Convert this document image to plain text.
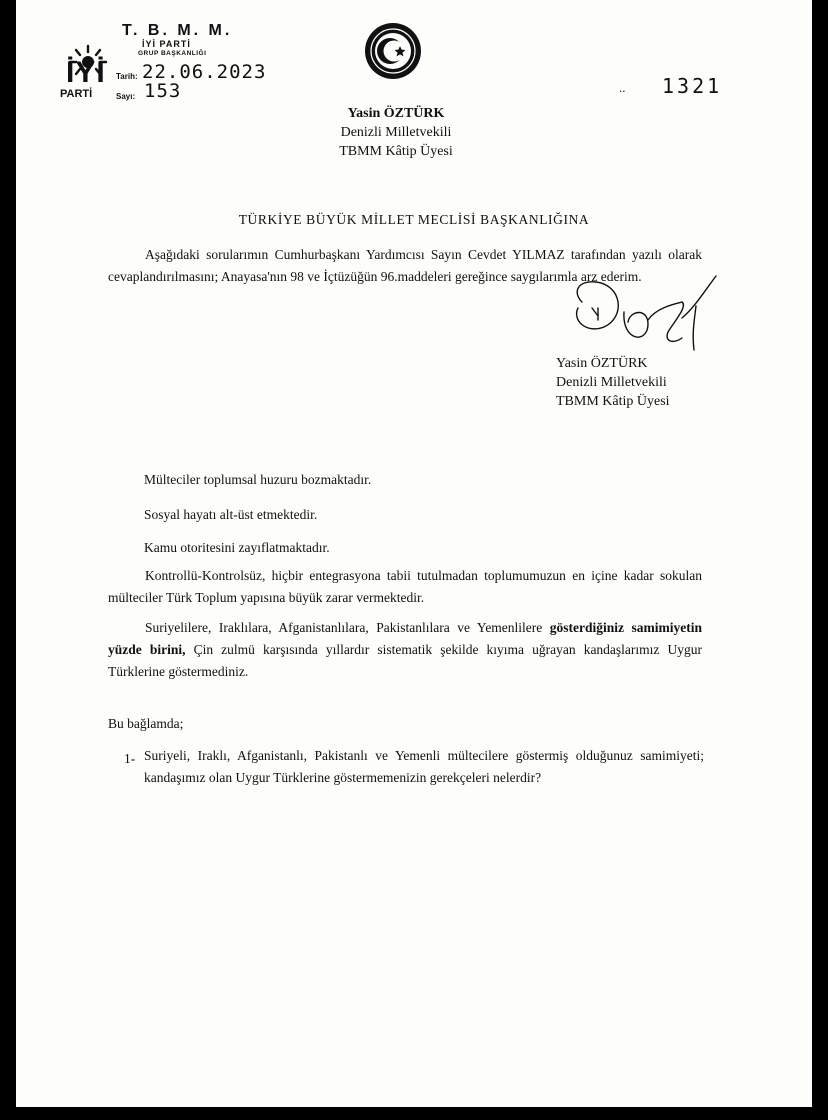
İYİ
PARTİ
T. B. M. M.
İYİ PARTİ
GRUP BAŞKANLIĞI
Tarih: 22.06.2023
Sayı: 153	.. 1321
Yasin ÖZTÜRK
Denizli Milletvekili
TBMM Kâtip Üyesi
TÜRKİYE BÜYÜK MİLLET MECLİSİ BAŞKANLIĞINA
Aşağıdaki sorularımın Cumhurbaşkanı Yardımcısı Sayın Cevdet YILMAZ tarafından yazılı olarak cevaplandırılmasını; Anayasa'nın 98 ve İçtüzüğün 96.maddeleri gereğince saygılarımla arz ederim.
Yasin ÖZTÜRK
Denizli Milletvekili
TBMM Kâtip Üyesi
Mülteciler toplumsal huzuru bozmaktadır.
Sosyal hayatı alt-üst etmektedir.
Kamu otoritesini zayıflatmaktadır.
Kontrollü-Kontrolsüz, hiçbir entegrasyona tabii tutulmadan toplumumuzun en içine kadar sokulan mülteciler Türk Toplum yapısına büyük zarar vermektedir.
Suriyelilere, Iraklılara, Afganistanlılara, Pakistanlılara ve Yemenlilere gösterdiğiniz samimiyetin yüzde birini, Çin zulmü karşısında yıllardır sistematik şekilde kıyıma uğrayan kandaşlarımız Uygur Türklerine göstermediniz.
Bu bağlamda;
1- Suriyeli, Iraklı, Afganistanlı, Pakistanlı ve Yemenli mültecilere göstermiş olduğunuz samimiyeti; kandaşımız olan Uygur Türklerine göstermemenizin gerekçeleri nelerdir?
